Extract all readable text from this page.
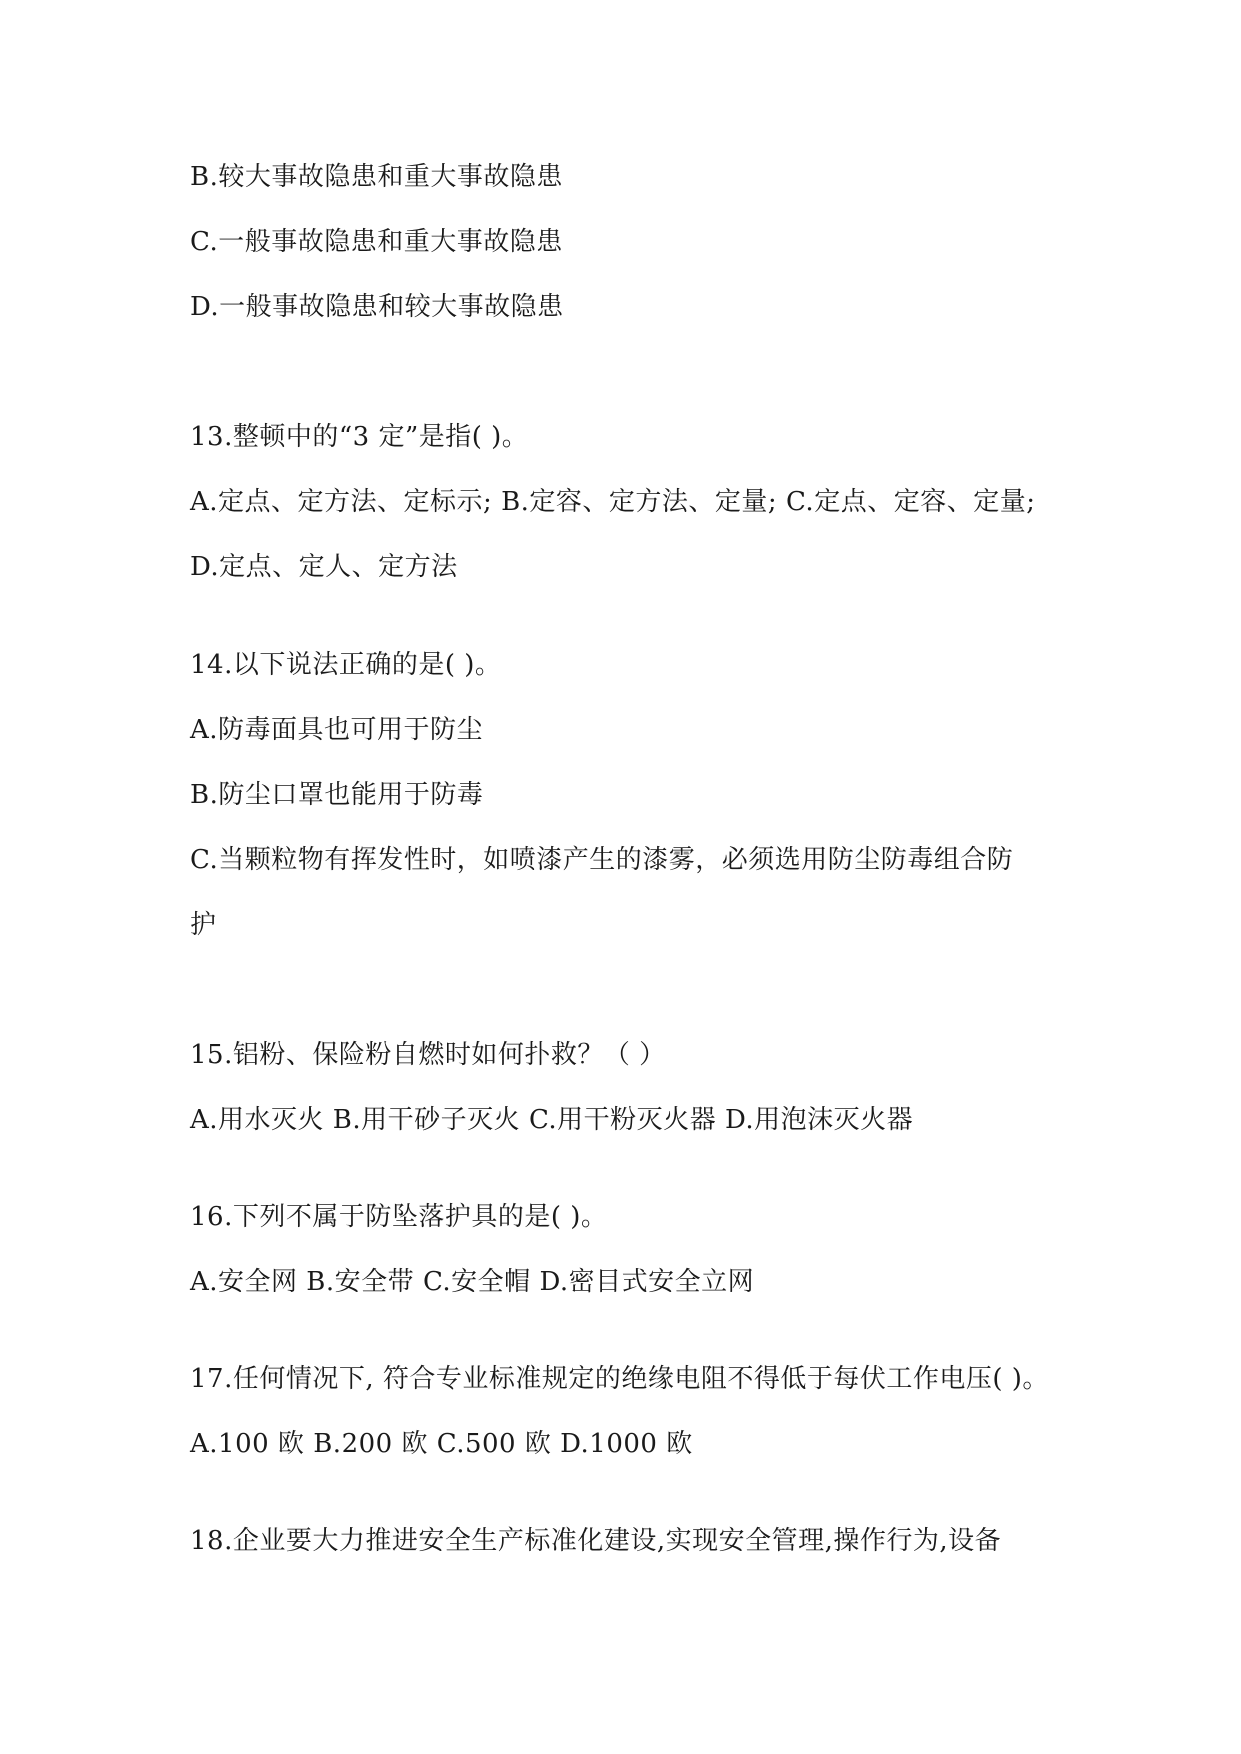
B.较大事故隐患和重大事故隐患
C.一般事故隐患和重大事故隐患
D.一般事故隐患和较大事故隐患
13.整顿中的“3 定”是指( )。
A.定点、定方法、定标示; B.定容、定方法、定量; C.定点、定容、定量;
D.定点、定人、定方法
14.以下说法正确的是( )。
A.防毒面具也可用于防尘
B.防尘口罩也能用于防毒
C.当颗粒物有挥发性时，如喷漆产生的漆雾，必须选用防尘防毒组合防
护
15.铝粉、保险粉自燃时如何扑救？（ ）
A.用水灭火 B.用干砂子灭火 C.用干粉灭火器 D.用泡沫灭火器
16.下列不属于防坠落护具的是( )。
A.安全网 B.安全带 C.安全帽 D.密目式安全立网
17.任何情况下, 符合专业标准规定的绝缘电阻不得低于每伏工作电压( )。
A.100 欧 B.200 欧 C.500 欧 D.1000 欧
18.企业要大力推进安全生产标准化建设,实现安全管理,操作行为,设备
